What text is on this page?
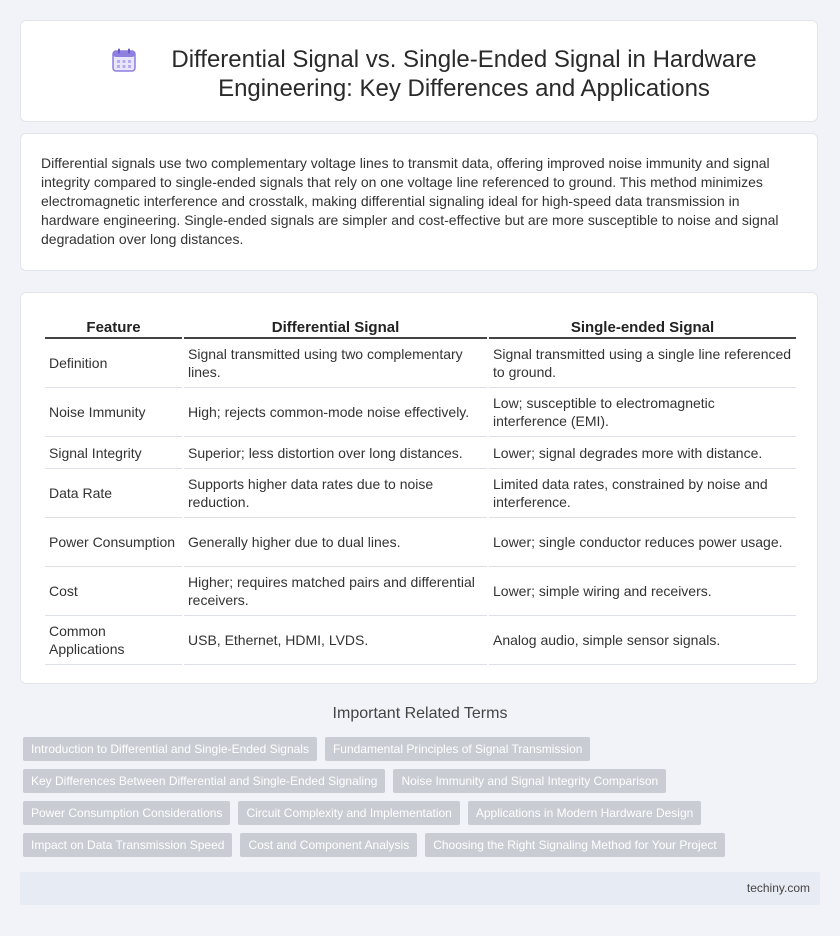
Differential Signal vs. Single-Ended Signal in Hardware Engineering: Key Differences and Applications

Differential signals use two complementary voltage lines to transmit data, offering improved noise immunity and signal integrity compared to single-ended signals that rely on one voltage line referenced to ground. This method minimizes electromagnetic interference and crosstalk, making differential signaling ideal for high-speed data transmission in hardware engineering. Single-ended signals are simpler and cost-effective but are more susceptible to noise and signal degradation over long distances.

Feature	Differential Signal	Single-ended Signal
Definition	Signal transmitted using two complementary lines.	Signal transmitted using a single line referenced to ground.
Noise Immunity	High; rejects common-mode noise effectively.	Low; susceptible to electromagnetic interference (EMI).
Signal Integrity	Superior; less distortion over long distances.	Lower; signal degrades more with distance.
Data Rate	Supports higher data rates due to noise reduction.	Limited data rates, constrained by noise and interference.
Power Consumption	Generally higher due to dual lines.	Lower; single conductor reduces power usage.
Cost	Higher; requires matched pairs and differential receivers.	Lower; simple wiring and receivers.
Common Applications	USB, Ethernet, HDMI, LVDS.	Analog audio, simple sensor signals.
Important Related Terms
Introduction to Differential and Single-Ended Signals	Fundamental Principles of Signal Transmission
Key Differences Between Differential and Single-Ended Signaling	Noise Immunity and Signal Integrity Comparison
Power Consumption Considerations	Circuit Complexity and Implementation	Applications in Modern Hardware Design
Impact on Data Transmission Speed	Cost and Component Analysis	Choosing the Right Signaling Method for Your Project
techiny.com
